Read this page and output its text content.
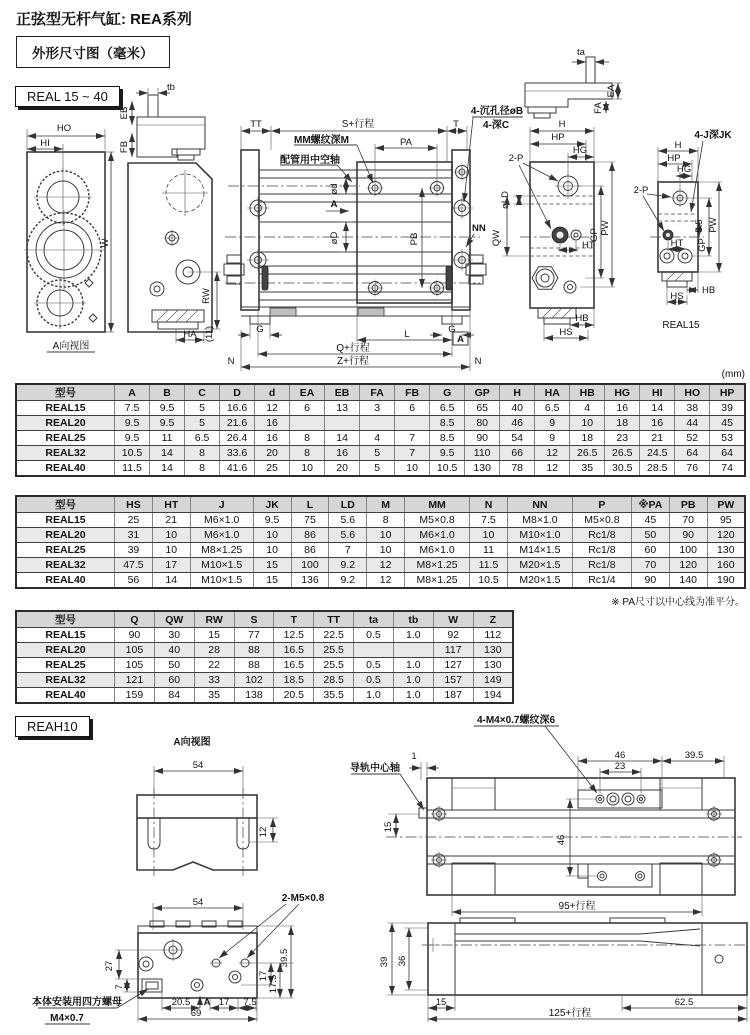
正弦型无杆气缸: REA系列
外形尺寸图（毫米）
REAL 15 ~ 40
REAH10
(mm)
※ PA尺寸以中心线为准平分。
型号	A	B	C	D	d	EA	EB	FA	FB	G	GP	H	HA	HB	HG	HI	HO	HP
REAL15	7.5	9.5	5	16.6	12	6	13	3	6	6.5	65	40	6.5	4	16	14	38	39
REAL20	9.5	9.5	5	21.6	16					8.5	80	46	9	10	18	16	44	45
REAL25	9.5	11	6.5	26.4	16	8	14	4	7	8.5	90	54	9	18	23	21	52	53
REAL32	10.5	14	8	33.6	20	8	16	5	7	9.5	110	66	12	26.5	26.5	24.5	64	64
REAL40	11.5	14	8	41.6	25	10	20	5	10	10.5	130	78	12	35	30.5	28.5	76	74
型号	HS	HT	J	JK	L	LD	M	MM	N	NN	P	※PA	PB	PW
REAL15	25	21	M6×1.0	9.5	75	5.6	8	M5×0.8	7.5	M8×1.0	M5×0.8	45	70	95
REAL20	31	10	M6×1.0	10	86	5.6	10	M6×1.0	10	M10×1.0	Rc1/8	50	90	120
REAL25	39	10	M8×1.25	10	86	7	10	M6×1.0	11	M14×1.5	Rc1/8	60	100	130
REAL32	47.5	17	M10×1.5	15	100	9.2	12	M8×1.25	11.5	M20×1.5	Rc1/8	70	120	160
REAL40	56	14	M10×1.5	15	136	9.2	12	M8×1.25	10.5	M20×1.5	Rc1/4	90	140	190
型号	Q	QW	RW	S	T	TT	ta	tb	W	Z
REAL15	90	30	15	77	12.5	22.5	0.5	1.0	92	112
REAL20	105	40	28	88	16.5	25.5			117	130
REAL25	105	50	22	88	16.5	25.5	0.5	1.0	127	130
REAL32	121	60	33	102	18.5	28.5	0.5	1.0	157	149
REAL40	159	84	35	138	20.5	35.5	1.0	1.0	187	194
HO
HI
W
A向视图
tb
EB
FB
RW
HA (11)
TT	S+行程	T
PA
MM螺纹深M
配管用中空轴
ød
A
øD	PB
NN
4-沉孔径øB
4-深C
G	G
L	A
Q+行程
Z+行程
N	N
ta
EA
FA
H
HP
HG
2-P
øLD
QW	HT
GP PW
HB
HS
4-J深JK
H
HP
HG
2-P
5.5
HT GP
PW
HB
HS
REAL15
A向视图
54
12
导轨中心轴
4-M4×0.7螺纹深6
46
23
39.5
1
15
46
95+行程
54	2-M5×0.8
27
7
20.5 A 17 7.5
69
17 17.5
39.5
本体安装用四方螺母
M4×0.7
39 36
15	62.5
125+行程
